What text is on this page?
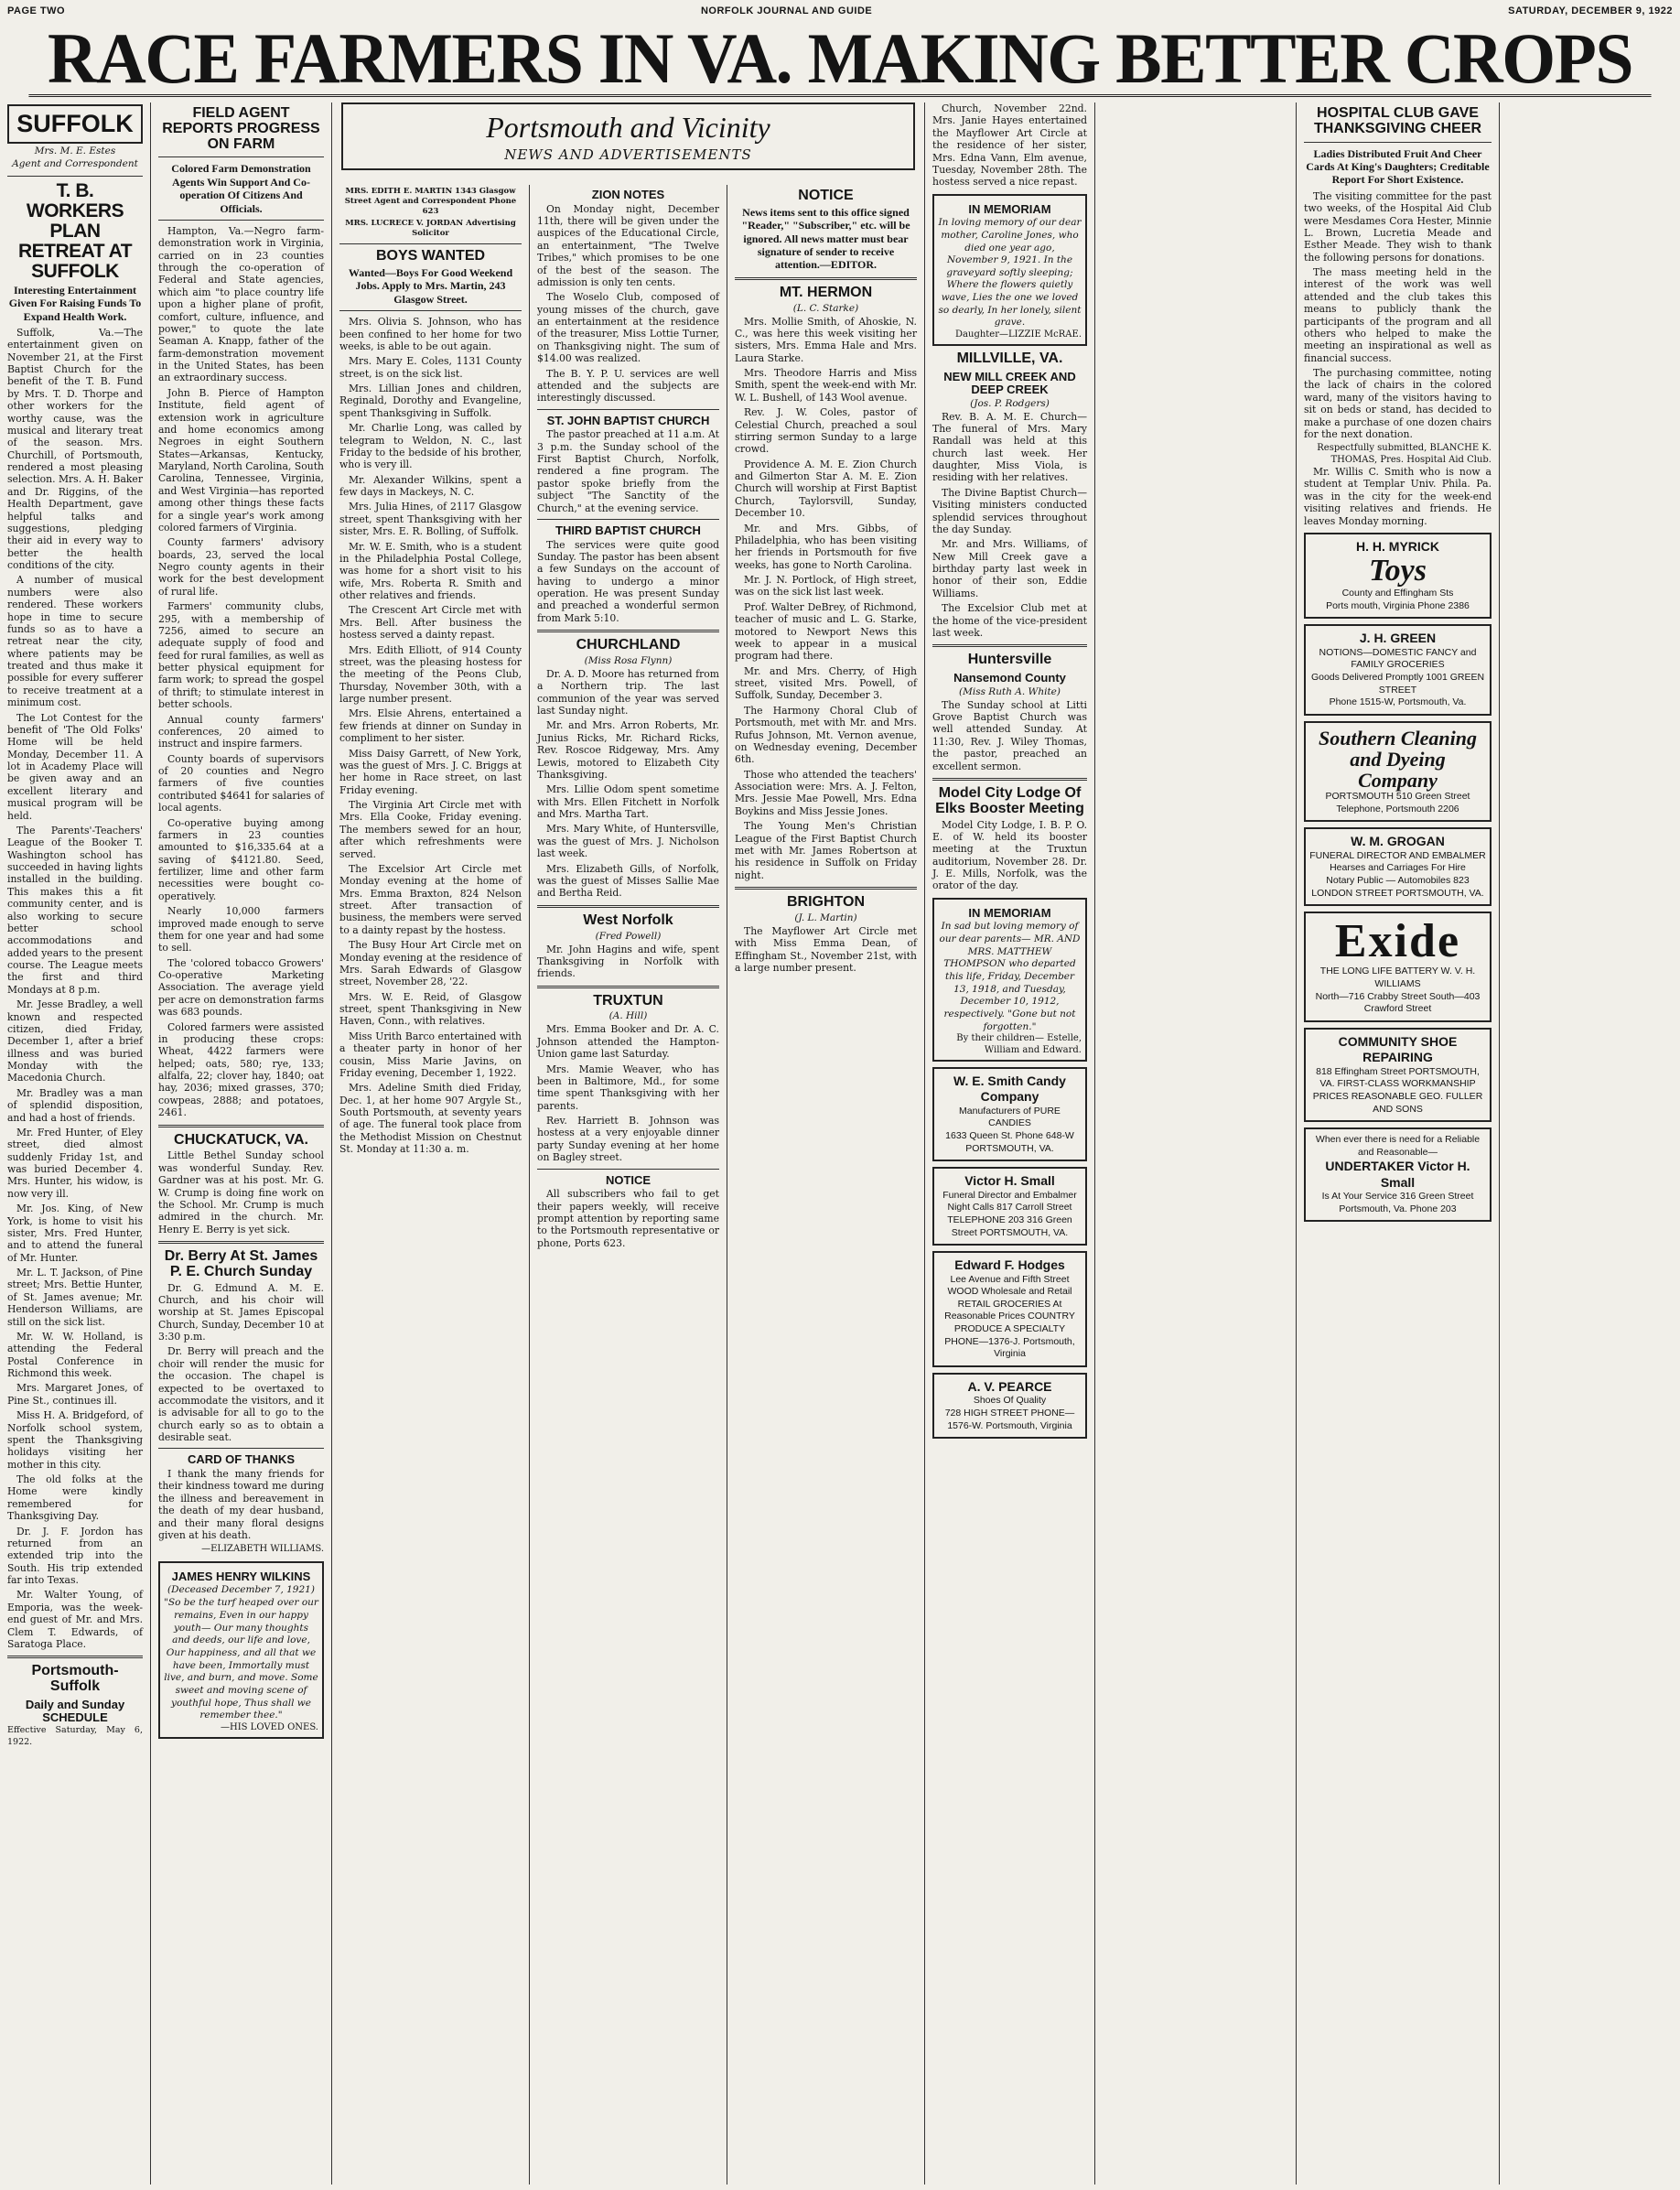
PAGE TWO	NORFOLK JOURNAL AND GUIDE	SATURDAY, DECEMBER 9, 1922
RACE FARMERS IN VA. MAKING BETTER CROPS
SUFFOLK
Mrs. M. E. Estes
Agent and Correspondent
T. B. WORKERS PLAN RETREAT AT SUFFOLK
Interesting Entertainment Given For Raising Funds To Expand Health Work.
Suffolk, Va.—The entertainment given on November 21, at the First Baptist Church for the benefit of the T. B. Fund by Mrs. T. D. Thorpe and other workers for the worthy cause, was the musical and literary treat of the season. Mrs. Churchill, of Portsmouth, rendered a most pleasing selection. Mrs. A. H. Baker and Dr. Riggins, of the Health Department, gave helpful talks and suggestions, pledging their aid in every way to better the health conditions of the city.
A number of musical numbers were also rendered. These workers hope in time to secure funds so as to have a retreat near the city, where patients may be treated and thus make it possible for every sufferer to receive treatment at a minimum cost.
The Lot Contest for the benefit of 'The Old Folks' Home will be held Monday, December 11. A lot in Academy Place will be given away and an excellent literary and musical program will be held.
The Parents'-Teachers' League of the Booker T. Washington school has succeeded in having lights installed in the building. This makes this a fit community center, and is also working to secure better school accommodations and added years to the present course. The League meets the first and third Mondays at 8 p.m.
Mr. Jesse Bradley, a well known and respected citizen, died Friday, December 1, after a brief illness and was buried Monday with the Macedonia Church.
Mr. Bradley was a man of splendid disposition, and had a host of friends.
Mr. Fred Hunter, of Eley street, died almost suddenly Friday 1st, and was buried December 4. Mrs. Hunter, his widow, is now very ill.
Mr. Jos. King, of New York, is home to visit his sister, Mrs. Fred Hunter, and to attend the funeral of Mr. Hunter.
Mr. L. T. Jackson, of Pine street; Mrs. Bettie Hunter, of St. James avenue; Mr. Henderson Williams, are still on the sick list.
Mr. W. W. Holland, is attending the Federal Postal Conference in Richmond this week.
Mrs. Margaret Jones, of Pine St., continues ill.
Miss H. A. Bridgeford, of Norfolk school system, spent the Thanksgiving holidays visiting her mother in this city.
The old folks at the Home were kindly remembered for Thanksgiving Day.
Dr. J. F. Jordon has returned from an extended trip into the South. His trip extended far into Texas.
Mr. Walter Young, of Emporia, was the week-end guest of Mr. and Mrs. Clem T. Edwards, of Saratoga Place.
Portsmouth-Suffolk
Daily and Sunday SCHEDULE
Effective Saturday, May 6, 1922.
FIELD AGENT REPORTS PROGRESS ON FARM
Colored Farm Demonstration Agents Win Support And Co-operation Of Citizens And Officials.
Hampton, Va.—Negro farm-demonstration work in Virginia, carried on in 23 counties through the co-operation of Federal and State agencies, which aim "to place country life upon a higher plane of profit, comfort, culture, influence, and power," to quote the late Seaman A. Knapp, father of the farm-demonstration movement in the United States, has been an extraordinary success.
John B. Pierce of Hampton Institute, field agent of extension work in agriculture and home economics among Negroes in eight Southern States—Arkansas, Kentucky, Maryland, North Carolina, South Carolina, Tennessee, Virginia, and West Virginia—has reported among other things these facts for a single year's work among colored farmers of Virginia.
County farmers' advisory boards, 23, served the local Negro county agents in their work for the best development of rural life.
Farmers' community clubs, 295, with a membership of 7256, aimed to secure an adequate supply of food and feed for rural families, as well as better physical equipment for farm work; to spread the gospel of thrift; to stimulate interest in better schools.
Annual county farmers' conferences, 20 aimed to instruct and inspire farmers.
County boards of supervisors of 20 counties and Negro farmers of five counties contributed $4641 for salaries of local agents.
Co-operative buying among farmers in 23 counties amounted to $16,335.64 at a saving of $4121.80. Seed, fertilizer, lime and other farm necessities were bought co-operatively.
Nearly 10,000 farmers improved made enough to serve them for one year and had some to sell.
The 'colored tobacco Growers' Co-operative Marketing Association. The average yield per acre on demonstration farms was 683 pounds.
Colored farmers were assisted in producing these crops: Wheat, 4422 farmers were helped; oats, 580; rye, 133; alfalfa, 22; clover hay, 1840; oat hay, 2036; mixed grasses, 370; cowpeas, 2888; and potatoes, 2461.
CHUCKATUCK, VA.
Little Bethel Sunday school was wonderful Sunday. Rev. Gardner was at his post. Mr. G. W. Crump is doing fine work on the School. Mr. Crump is much admired in the church. Mr. Henry E. Berry is yet sick.
Dr. Berry At St. James P. E. Church Sunday
Dr. G. Edmund A. M. E. Church, and his choir will worship at St. James Episcopal Church, Sunday, December 10 at 3:30 p.m.
Dr. Berry will preach and the choir will render the music for the occasion. The chapel is expected to be overtaxed to accommodate the visitors, and it is advisable for all to go to the church early so as to obtain a desirable seat.
CARD OF THANKS
I thank the many friends for their kindness toward me during the illness and bereavement in the death of my dear husband, and their many floral designs given at his death.
—ELIZABETH WILLIAMS.
JAMES HENRY WILKINS
(Deceased December 7, 1921)
"So be the turf heaped over our remains, Even in our happy youth— Our many thoughts and deeds, our life and love, Our happiness, and all that we have been, Immortally must live, and burn, and move. Some sweet and moving scene of youthful hope, Thus shall we remember thee."
—HIS LOVED ONES.
Portsmouth and Vicinity
NEWS AND ADVERTISEMENTS
MRS. EDITH E. MARTIN 1343 Glasgow Street Agent and Correspondent Phone 623
MRS. LUCRECE V. JORDAN Advertising Solicitor
BOYS WANTED
Wanted—Boys For Good Weekend Jobs. Apply to Mrs. Martin, 243 Glasgow Street.
Mrs. Olivia S. Johnson, who has been confined to her home for two weeks, is able to be out again.
Mrs. Mary E. Coles, 1131 County street, is on the sick list.
Mrs. Lillian Jones and children, Reginald, Dorothy and Evangeline, spent Thanksgiving in Suffolk.
Mr. Charlie Long, was called by telegram to Weldon, N. C., last Friday to the bedside of his brother, who is very ill.
Mr. Alexander Wilkins, spent a few days in Mackeys, N. C.
Mrs. Julia Hines, of 2117 Glasgow street, spent Thanksgiving with her sister, Mrs. E. R. Bolling, of Suffolk.
Mr. W. E. Smith, who is a student in the Philadelphia Postal College, was home for a short visit to his wife, Mrs. Roberta R. Smith and other relatives and friends.
The Crescent Art Circle met with Mrs. Bell. After business the hostess served a dainty repast.
Mrs. Edith Elliott, of 914 County street, was the pleasing hostess for the meeting of the Peons Club, Thursday, November 30th, with a large number present.
Mrs. Elsie Ahrens, entertained a few friends at dinner on Sunday in compliment to her sister.
Miss Daisy Garrett, of New York, was the guest of Mrs. J. C. Briggs at her home in Race street, on last Friday evening.
The Virginia Art Circle met with Mrs. Ella Cooke, Friday evening. The members sewed for an hour, after which refreshments were served.
The Excelsior Art Circle met Monday evening at the home of Mrs. Emma Braxton, 824 Nelson street. After transaction of business, the members were served to a dainty repast by the hostess.
The Busy Hour Art Circle met on Monday evening at the residence of Mrs. Sarah Edwards of Glasgow street, November 28, '22.
Mrs. W. E. Reid, of Glasgow street, spent Thanksgiving in New Haven, Conn., with relatives.
Miss Urith Barco entertained with a theater party in honor of her cousin, Miss Marie Javins, on Friday evening, December 1, 1922.
Mrs. Adeline Smith died Friday, Dec. 1, at her home 907 Argyle St., South Portsmouth, at seventy years of age. The funeral took place from the Methodist Mission on Chestnut St. Monday at 11:30 a. m.
ZION NOTES
On Monday night, December 11th, there will be given under the auspices of the Educational Circle, an entertainment, "The Twelve Tribes," which promises to be one of the best of the season. The admission is only ten cents.
The Woselo Club, composed of young misses of the church, gave an entertainment at the residence of the treasurer, Miss Lottie Turner, on Thanksgiving night. The sum of $14.00 was realized.
The B. Y. P. U. services are well attended and the subjects are interestingly discussed.
ST. JOHN BAPTIST CHURCH
The pastor preached at 11 a.m. At 3 p.m. the Sunday school of the First Baptist Church, Norfolk, rendered a fine program. The pastor spoke briefly from the subject "The Sanctity of the Church," at the evening service.
THIRD BAPTIST CHURCH
The services were quite good Sunday. The pastor has been absent a few Sundays on the account of having to undergo a minor operation. He was present Sunday and preached a wonderful sermon from Mark 5:10.
CHURCHLAND
(Miss Rosa Flynn)
Dr. A. D. Moore has returned from a Northern trip. The last communion of the year was served last Sunday night.
Mr. and Mrs. Arron Roberts, Mr. Junius Ricks, Mr. Richard Ricks, Rev. Roscoe Ridgeway, Mrs. Amy Lewis, motored to Elizabeth City Thanksgiving.
Mrs. Lillie Odom spent sometime with Mrs. Ellen Fitchett in Norfolk and Mrs. Martha Tart.
Mrs. Mary White, of Huntersville, was the guest of Mrs. J. Nicholson last week.
Mrs. Elizabeth Gills, of Norfolk, was the guest of Misses Sallie Mae and Bertha Reid.
West Norfolk
(Fred Powell)
Mr. John Hagins and wife, spent Thanksgiving in Norfolk with friends.
TRUXTUN
(A. Hill)
Mrs. Emma Booker and Dr. A. C. Johnson attended the Hampton-Union game last Saturday.
Mrs. Mamie Weaver, who has been in Baltimore, Md., for some time spent Thanksgiving with her parents.
Rev. Harriett B. Johnson was hostess at a very enjoyable dinner party Sunday evening at her home on Bagley street.
NOTICE
All subscribers who fail to get their papers weekly, will receive prompt attention by reporting same to the Portsmouth representative or phone, Ports 623.
NOTICE
News items sent to this office signed "Reader," "Subscriber," etc. will be ignored. All news matter must bear signature of sender to receive attention.—EDITOR.
MT. HERMON
(L. C. Starke)
Mrs. Mollie Smith, of Ahoskie, N. C., was here this week visiting her sisters, Mrs. Emma Hale and Mrs. Laura Starke.
Mrs. Theodore Harris and Miss Smith, spent the week-end with Mr. W. L. Bushell, of 143 Wool avenue.
Rev. J. W. Coles, pastor of Celestial Church, preached a soul stirring sermon Sunday to a large crowd.
Providence A. M. E. Zion Church and Gilmerton Star A. M. E. Zion Church will worship at First Baptist Church, Taylorsvill, Sunday, December 10.
Mr. and Mrs. Gibbs, of Philadelphia, who has been visiting her friends in Portsmouth for five weeks, has gone to North Carolina.
Mr. J. N. Portlock, of High street, was on the sick list last week.
Prof. Walter DeBrey, of Richmond, teacher of music and L. G. Starke, motored to Newport News this week to appear in a musical program had there.
Mr. and Mrs. Cherry, of High street, visited Mrs. Powell, of Suffolk, Sunday, December 3.
The Harmony Choral Club of Portsmouth, met with Mr. and Mrs. Rufus Johnson, Mt. Vernon avenue, on Wednesday evening, December 6th.
Those who attended the teachers' Association were: Mrs. A. J. Felton, Mrs. Jessie Mae Powell, Mrs. Edna Boykins and Miss Jessie Jones.
The Young Men's Christian League of the First Baptist Church met with Mr. James Robertson at his residence in Suffolk on Friday night.
BRIGHTON
(J. L. Martin)
The Mayflower Art Circle met with Miss Emma Dean, of Effingham St., November 21st, with a large number present.
Church, November 22nd. Mrs. Janie Hayes entertained the Mayflower Art Circle at the residence of her sister, Mrs. Edna Vann, Elm avenue, Tuesday, November 28th. The hostess served a nice repast.
IN MEMORIAM
In loving memory of our dear mother, Caroline Jones, who died one year ago, November 9, 1921. In the graveyard softly sleeping; Where the flowers quietly wave, Lies the one we loved so dearly, In her lonely, silent grave.
Daughter—LIZZIE McRAE.
MILLVILLE, VA.
NEW MILL CREEK AND DEEP CREEK
(Jos. P. Rodgers)
Rev. B. A. M. E. Church—The funeral of Mrs. Mary Randall was held at this church last week. Her daughter, Miss Viola, is residing with her relatives.
The Divine Baptist Church—Visiting ministers conducted splendid services throughout the day Sunday.
Mr. and Mrs. Williams, of New Mill Creek gave a birthday party last week in honor of their son, Eddie Williams.
The Excelsior Club met at the home of the vice-president last week.
Huntersville
Nansemond County
(Miss Ruth A. White)
The Sunday school at Litti Grove Baptist Church was well attended Sunday. At 11:30, Rev. J. Wiley Thomas, the pastor, preached an excellent sermon.
Model City Lodge Of Elks Booster Meeting
Model City Lodge, I. B. P. O. E. of W. held its booster meeting at the Truxtun auditorium, November 28. Dr. J. E. Mills, Norfolk, was the orator of the day.
IN MEMORIAM
In sad but loving memory of our dear parents— MR. AND MRS. MATTHEW THOMPSON who departed this life, Friday, December 13, 1918, and Tuesday, December 10, 1912, respectively. "Gone but not forgotten."
By their children— Estelle, William and Edward.
W. E. Smith Candy Company
Manufacturers of PURE CANDIES
1633 Queen St. Phone 648-W PORTSMOUTH, VA.
Victor H. Small
Funeral Director and Embalmer
Night Calls 817 Carroll Street TELEPHONE 203 316 Green Street PORTSMOUTH, VA.
Edward F. Hodges
Lee Avenue and Fifth Street WOOD Wholesale and Retail
RETAIL GROCERIES At Reasonable Prices COUNTRY PRODUCE A SPECIALTY PHONE—1376-J. Portsmouth, Virginia
A. V. PEARCE
Shoes Of Quality
728 HIGH STREET PHONE—1576-W. Portsmouth, Virginia
HOSPITAL CLUB GAVE THANKSGIVING CHEER
Ladies Distributed Fruit And Cheer Cards At King's Daughters; Creditable Report For Short Existence.
The visiting committee for the past two weeks, of the Hospital Aid Club were Mesdames Cora Hester, Minnie L. Brown, Lucretia Meade and Esther Meade. They wish to thank the following persons for donations.
The mass meeting held in the interest of the work was well attended and the club takes this means to publicly thank the participants of the program and all others who helped to make the meeting an inspirational as well as financial success.
The purchasing committee, noting the lack of chairs in the colored ward, many of the visitors having to sit on beds or stand, has decided to make a purchase of one dozen chairs for the next donation.
Respectfully submitted, BLANCHE K. THOMAS, Pres. Hospital Aid Club.
Mr. Willis C. Smith who is now a student at Templar Univ. Phila. Pa. was in the city for the week-end visiting relatives and friends. He leaves Monday morning.
H. H. MYRICK
Toys
County and Effingham Sts
Ports mouth, Virginia Phone 2386
J. H. GREEN
NOTIONS—DOMESTIC FANCY and FAMILY GROCERIES
Goods Delivered Promptly 1001 GREEN STREET
Phone 1515-W, Portsmouth, Va.
Southern Cleaning and Dyeing Company
PORTSMOUTH 510 Green Street
Telephone, Portsmouth 2206
W. M. GROGAN
FUNERAL DIRECTOR AND EMBALMER Hearses and Carriages For Hire
Notary Public — Automobiles 823 LONDON STREET PORTSMOUTH, VA.
Exide
THE LONG LIFE BATTERY W. V. H. WILLIAMS
North—716 Crabby Street South—403 Crawford Street
COMMUNITY SHOE REPAIRING
818 Effingham Street PORTSMOUTH, VA. FIRST-CLASS WORKMANSHIP PRICES REASONABLE GEO. FULLER AND SONS
When ever there is need for a Reliable and Reasonable—
UNDERTAKER Victor H. Small
Is At Your Service 316 Green Street Portsmouth, Va. Phone 203
